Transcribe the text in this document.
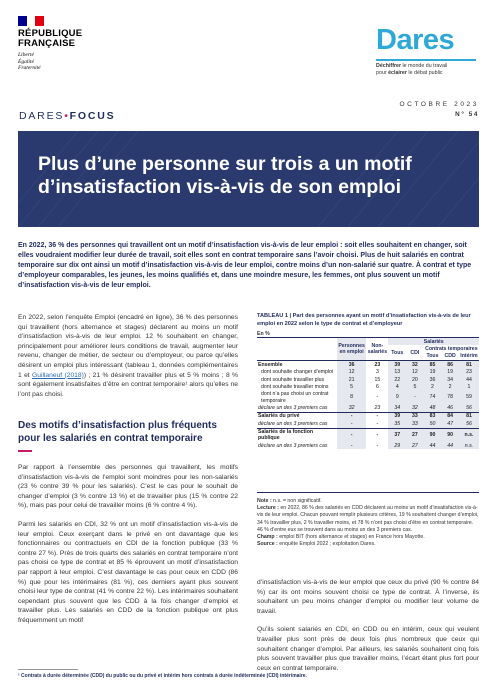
RÉPUBLIQUE
FRANÇAISE
Liberté
Égalité
Fraternité
Dares
Déchiffrer le monde du travail
pour éclairer le débat public
OCTOBRE 2023
N° 54
DARES•FOCUS
Plus d’une personne sur trois a un motif d’insatisfaction vis-à-vis de son emploi
En 2022, 36 % des personnes qui travaillent ont un motif d’insatisfaction vis-à-vis de leur emploi : soit elles souhaitent en changer, soit elles voudraient modifier leur durée de travail, soit elles sont en contrat temporaire sans l’avoir choisi. Plus de huit salariés en contrat temporaire sur dix ont ainsi un motif d’insatisfaction vis-à-vis de leur emploi, contre moins d’un non-salarié sur quatre. À contrat et type d’employeur comparables, les jeunes, les moins qualifiés et, dans une moindre mesure, les femmes, ont plus souvent un motif d’insatisfaction vis-à-vis de leur emploi.

En 2022, selon l’enquête Emploi (encadré en ligne), 36 % des personnes qui travaillent (hors alternance et stages) déclarent au moins un motif d’insatisfaction vis-à-vis de leur emploi. 12 % souhaitent en changer, principalement pour améliorer leurs conditions de travail, augmenter leur revenu, changer de métier, de secteur ou d’employeur, ou parce qu’elles désirent un emploi plus intéressant (tableau 1, données complémentaires 1 et Guillaneuf (2018)) ; 21 % désirent travailler plus et 5 % moins ; 8 % sont également insatisfaites d’être en contrat temporaire¹ alors qu’elles ne l’ont pas choisi.

Des motifs d’insatisfaction plus fréquents pour les salariés en contrat temporaire

Par rapport à l’ensemble des personnes qui travaillent, les motifs d’insatisfaction vis-à-vis de l’emploi sont moindres pour les non-salariés (23 % contre 39 % pour les salariés). C’est le cas pour le souhait de changer d’emploi (3 % contre 13 %) et de travailler plus (15 % contre 22 %), mais pas pour celui de travailler moins (6 % contre 4 %).

Parmi les salariés en CDI, 32 % ont un motif d’insatisfaction vis-à-vis de leur emploi. Ceux exerçant dans le privé en ont davantage que les fonctionnaires ou contractuels en CDI de la fonction publique (33 % contre 27 %). Près de trois quarts des salariés en contrat temporaire n’ont pas choisi ce type de contrat et 85 % éprouvent un motif d’insatisfaction par rapport à leur emploi. C’est davantage le cas pour ceux en CDD (86 %) que pour les intérimaires (81 %), ces derniers ayant plus souvent choisi leur type de contrat (41 % contre 22 %). Les intérimaires souhaitent cependant plus souvent que les CDD à la fois changer d’emploi et travailler plus. Les salariés en CDD de la fonction publique ont plus fréquemment un motif

TABLEAU 1 | Part des personnes ayant un motif d’insatisfaction vis-à-vis de leur emploi en 2022 selon le type de contrat et d’employeur
En %
	Personnes en emploi	Non-salariés	Salariés				
			Tous	CDI	Contrats temporaires		
					Tous	CDD	Intérim
Ensemble	36	23	39	32	85	86	81
dont souhaite changer d’emploi	12	3	13	12	19	19	23
dont souhaite travailler plus	21	15	22	20	36	34	44
dont souhaite travailler moins	5	6	4	5	2	2	1
dont n’a pas choisi un contrat temporaire	8	-	9	-	74	78	59
déclare un des 3 premiers cas	32	23	34	32	48	46	56
Salariés du privé	-	-	39	33	83	84	81
déclare un des 3 premiers cas	-	-	35	33	50	47	56
Salariés de la fonction publique	-	-	37	27	90	90	n.s.
déclare un des 3 premiers cas	-	-	29	27	44	44	n.s.
Note : n.s. = non significatif.
Lecture : en 2022, 86 % des salariés en CDD déclarent au moins un motif d’insatisfaction vis-à-vis de leur emploi. Chacun pouvant remplir plusieurs critères, 19 % souhaitent changer d’emploi, 34 % travailler plus, 2 % travailler moins, et 78 % n’ont pas choisi d’être en contrat temporaire. 46 % d’entre eux se trouvent dans au moins un des 3 premiers cas.
Champ : emploi BIT (hors alternance et stages) en France hors Mayotte.
Source : enquête Emploi 2022 ; exploitation Dares.

d’insatisfaction vis-à-vis de leur emploi que ceux du privé (90 % contre 84 %) car ils ont moins souvent choisi ce type de contrat. À l’inverse, ils souhaitent un peu moins changer d’emploi ou modifier leur volume de travail.

Qu’ils soient salariés en CDI, en CDD ou en intérim, ceux qui veulent travailler plus sont près de deux fois plus nombreux que ceux qui souhaitent changer d’emploi. Par ailleurs, les salariés souhaitent cinq fois plus souvent travailler plus que travailler moins, l’écart étant plus fort pour ceux en contrat temporaire.

¹ Contrats à durée déterminée (CDD) du public ou du privé et intérim hors contrats à durée indéterminée (CDI) intérimaire.
